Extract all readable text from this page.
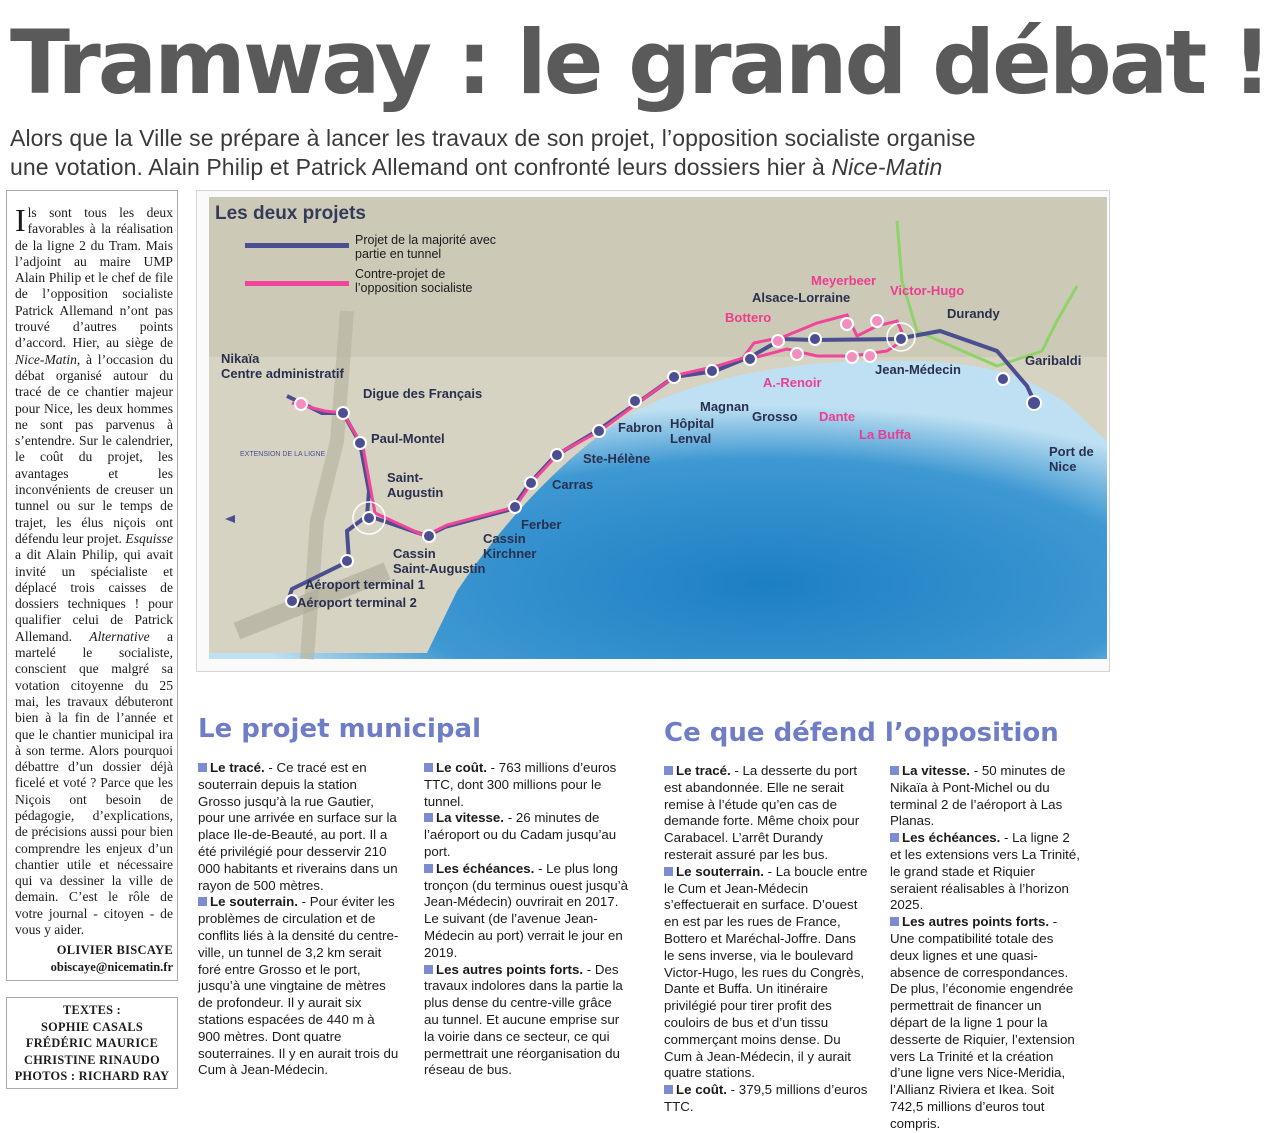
Tramway : le grand débat !
Alors que la Ville se prépare à lancer les travaux de son projet, l’opposition socialiste organise
une votation. Alain Philip et Patrick Allemand ont confronté leurs dossiers hier à Nice-Matin
Ils sont tous les deux favorables à la réalisation de la ligne 2 du Tram. Mais l’adjoint au maire UMP Alain Philip et le chef de file de l’opposition socialiste Patrick Allemand n’ont pas trouvé d’autres points d’accord. Hier, au siège de Nice-Matin, à l’occasion du débat organisé autour du tracé de ce chantier majeur pour Nice, les deux hommes ne sont pas parvenus à s’entendre. Sur le calendrier, le coût du projet, les avantages et les inconvénients de creuser un tunnel ou sur le temps de trajet, les élus niçois ont défendu leur projet. Esquisse a dit Alain Philip, qui avait invité un spécialiste et déplacé trois caisses de dossiers techniques ! pour qualifier celui de Patrick Allemand. Alternative a martelé le socialiste, conscient que malgré sa votation citoyenne du 25 mai, les travaux débuteront bien à la fin de l’année et que le chantier municipal ira à son terme. Alors pourquoi débattre d’un dossier déjà ficelé et voté ? Parce que les Niçois ont besoin de pédagogie, d’explications, de précisions aussi pour bien comprendre les enjeux d’un chantier utile et nécessaire qui va dessiner la ville de demain. C’est le rôle de votre journal - citoyen - de vous y aider.
OLIVIER BISCAYE
obiscaye@nicematin.fr
TEXTES :
SOPHIE CASALS
FRÉDÉRIC MAURICE
CHRISTINE RINAUDO
PHOTOS : RICHARD RAY
Les deux projets
Projet de la majorité avec partie en tunnel
Contre-projet de l’opposition socialiste
EXTENSION DE LA LIGNE
Nikaïa
Centre administratif
Paul-Montel
Saint-
Augustin
Aéroport terminal 1
Cassin
Saint-Augustin
Cassin
Kirchner
Ferber
Carras
Ste-Hélène
Fabron Hôpital
Lenval
Magnan
Grosso
Alsace-Lorraine
Jean-Médecin
Durandy
Garibaldi
Port de
Nice
Digue des Français
Aéroport terminal 2
Bottero
Meyerbeer
Victor-Hugo
A.-Renoir
Dante
La Buffa
Le projet municipal

Le tracé. - Ce tracé est en souterrain depuis la station Grosso jusqu’à la rue Gautier, pour une arrivée en surface sur la place Ile-de-Beauté, au port. Il a été privilégié pour desservir 210 000 habitants et riverains dans un rayon de 500 mètres.

Le souterrain. - Pour éviter les problèmes de circulation et de conflits liés à la densité du centre-ville, un tunnel de 3,2 km serait foré entre Grosso et le port, jusqu’à une vingtaine de mètres de profondeur. Il y aurait six stations espacées de 440 m à 900 mètres. Dont quatre souterraines. Il y en aurait trois du Cum à Jean-Médecin.

Le coût. - 763 millions d’euros TTC, dont 300 millions pour le tunnel.

La vitesse. - 26 minutes de l’aéroport ou du Cadam jusqu’au port.

Les échéances. - Le plus long tronçon (du terminus ouest jusqu’à Jean-Médecin) ouvrirait en 2017. Le suivant (de l’avenue Jean-Médecin au port) verrait le jour en 2019.

Les autres points forts. - Des travaux indolores dans la partie la plus dense du centre-ville grâce au tunnel. Et aucune emprise sur la voirie dans ce secteur, ce qui permettrait une réorganisation du réseau de bus.

Ce que défend l’opposition

Le tracé. - La desserte du port est abandonnée. Elle ne serait remise à l’étude qu’en cas de demande forte. Même choix pour Carabacel. L’arrêt Durandy resterait assuré par les bus.

Le souterrain. - La boucle entre le Cum et Jean-Médecin s’effectuerait en surface. D’ouest en est par les rues de France, Bottero et Maréchal-Joffre. Dans le sens inverse, via le boulevard Victor-Hugo, les rues du Congrès, Dante et Buffa. Un itinéraire privilégié pour tirer profit des couloirs de bus et d’un tissu commerçant moins dense. Du Cum à Jean-Médecin, il y aurait quatre stations.

Le coût. - 379,5 millions d’euros TTC.

La vitesse. - 50 minutes de Nikaïa à Pont-Michel ou du terminal 2 de l’aéroport à Las Planas.

Les échéances. - La ligne 2 et les extensions vers La Trinité, le grand stade et Riquier seraient réalisables à l’horizon 2025.

Les autres points forts. - Une compatibilité totale des deux lignes et une quasi-absence de correspondances. De plus, l’économie engendrée permettrait de financer un départ de la ligne 1 pour la desserte de Riquier, l’extension vers La Trinité et la création d’une ligne vers Nice-Meridia, l’Allianz Riviera et Ikea. Soit 742,5 millions d’euros tout compris.
